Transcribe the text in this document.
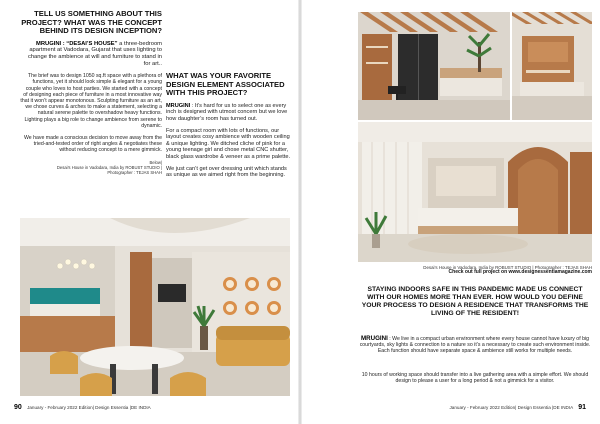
TELL US SOMETHING ABOUT THIS PROJECT? WHAT WAS THE CONCEPT BEHIND ITS DESIGN INCEPTION?
MRUGINI : “DESAI’S HOUSE” a three-bedroom apartment at Vadodara, Gujarat that uses lighting to change the ambience at will and furniture to stand in for art..
The brief was to design 1050 sq.ft space with a plethora of functions, yet it should look simple & elegant for a young couple who loves to host parties. We started with a concept of designing each piece of furniture in a most innovative way that it won’t appear monotonous. Sculpting furniture as an art, we chose curves & arches to make a statement, selecting a natural serene palette to overshadow heavy functions. Lighting plays a big role to change ambience from serene to dynamic.
We have made a conscious decision to move away from the tried-and-tested order of right angles & negotiates these without reducing concept to a mere gimmick.
Below|
Desai’s House in Vadodara, India by ROBUST STUDIO |
Photographer : TEJAS SHAH
WHAT WAS YOUR FAVORITE DESIGN ELEMENT ASSOCIATED WITH THIS PROJECT?
MRUGINI : It’s hard for us to select one as every inch is designed with utmost concern but we love how daughter’s room has turned out.
For a compact room with lots of functions, our layout creates cosy ambience with wooden ceiling & unique lighting. We ditched cliche of pink for a young teenage girl and chose metal CNC shutter, black glass wardrobe & veneer as a prime palette.
We just can’t get over dressing unit which stands as unique as we aimed right from the beginning.
90 January - February 2022 Edition| Design Essentia |DE INDIA
Desai’s House in Vadodara, India by ROBUST STUDIO | Photographer : TEJAS SHAH
Check out full project on www.designessentiamagazine.com
STAYING INDOORS SAFE IN THIS PANDEMIC MADE US CONNECT WITH OUR HOMES MORE THAN EVER. HOW WOULD YOU DEFINE YOUR PROCESS TO DESIGN A RESIDENCE THAT TRANSFORMS THE LIVING OF THE RESIDENT!
MRUGINI : We live in a compact urban environment where every house cannot have luxury of big courtyards, sky lights & connection to a nature so it’s a necessary to create such environment inside. Each function should have separate space & ambience still works for multiple needs.
10 hours of working space should transfer into a live gathering area with a simple effort. We should design to please a user for a long period & not a gimmick for a visitor.
January - February 2022 Edition| Design Essentia |DE INDIA 91
